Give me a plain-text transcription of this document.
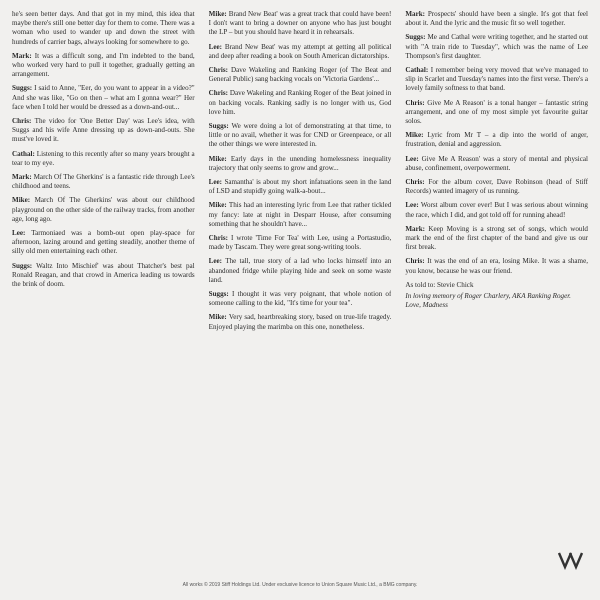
he's seen better days. And that got in my mind, this idea that maybe there's still one better day for them to come. There was a woman who used to wander up and down the street with hundreds of carrier bags, always looking for somewhere to go.

Mark: It was a difficult song, and I'm indebted to the band, who worked very hard to pull it together, gradually getting an arrangement.

Suggs: I said to Anne, "Eer, do you want to appear in a video?" And she was like, "Go on then – what am I gonna wear?" Her face when I told her would be dressed as a down-and-out...

Chris: The video for 'One Better Day' was Lee's idea, with Suggs and his wife Anne dressing up as down-and-outs. She must've loved it.

Cathal: Listening to this recently after so many years brought a tear to my eye.

Mark: March Of The Gherkins' is a fantastic ride through Lee's childhood and teens.

Mike: March Of The Gherkins' was about our childhood playground on the other side of the railway tracks, from another age, long ago.

Lee: Tarmoniaed was a bomb-out open play-space for afternoon, lazing around and getting steadily, another theme of silly old men entertaining each other.

Suggs: Waltz Into Mischief' was about Thatcher's best pal Ronald Reagan, and that crowd in America leading us towards the brink of doom.

Mike: Brand New Beat' was a great track that could have been! I don't want to bring a downer on anyone who has just bought the LP – but you should have heard it in rehearsals.

Lee: Brand New Beat' was my attempt at getting all political and deep after reading a book on South American dictatorships.

Chris: Dave Wakeling and Ranking Roger (of The Beat and General Public) sang backing vocals on 'Victoria Gardens'...

Chris: Dave Wakeling and Ranking Roger of the Beat joined in on backing vocals. Ranking sadly is no longer with us, God love him.

Suggs: We were doing a lot of demonstrating at that time, to little or no avail, whether it was for CND or Greenpeace, or all the other things we were interested in.

Mike: Early days in the unending homelessness inequality trajectory that only seems to grow and grow...

Lee: Samantha' is about my short infatuations seen in the land of LSD and stupidly going walk-a-bout...

Mike: This had an interesting lyric from Lee that rather tickled my fancy: late at night in Desparr House, after consuming something that he shouldn't have...

Chris: I wrote 'Time For Tea' with Lee, using a Portastudio, made by Tascam. They were great song-writing tools.

Lee: The tall, true story of a lad who locks himself into an abandoned fridge while playing hide and seek on some waste land.

Suggs: I thought it was very poignant, that whole notion of someone calling to the kid, "It's time for your tea".

Mike: Very sad, heartbreaking story, based on true-life tragedy. Enjoyed playing the marimba on this one, nonetheless.

Mark: Prospects' should have been a single. It's got that feel about it. And the lyric and the music fit so well together.

Suggs: Me and Cathal were writing together, and he started out with "A train ride to Tuesday", which was the name of Lee Thompson's first daughter.

Cathal: I remember being very moved that we've managed to slip in Scarlet and Tuesday's names into the first verse. There's a lovely family softness to that band.

Chris: Give Me A Reason' is a tonal hanger – fantastic string arrangement, and one of my most simple yet favourite guitar solos.

Mike: Lyric from Mr T – a dip into the world of anger, frustration, denial and aggression.

Lee: Give Me A Reason' was a story of mental and physical abuse, confinement, overpowerment.

Chris: For the album cover, Dave Robinson (head of Stiff Records) wanted imagery of us running.

Lee: Worst album cover ever! But I was serious about winning the race, which I did, and got told off for running ahead!

Mark: Keep Moving is a strong set of songs, which would mark the end of the first chapter of the band and give us our first break.

Chris: It was the end of an era, losing Mike. It was a shame, you know, because he was our friend.

As told to: Stevie Chick
In loving memory of Roger Charlery, AKA Ranking Roger. Love, Madness
All works © 2019 Stiff Holdings Ltd. Under exclusive licence to Union Square Music Ltd., a BMG company.
